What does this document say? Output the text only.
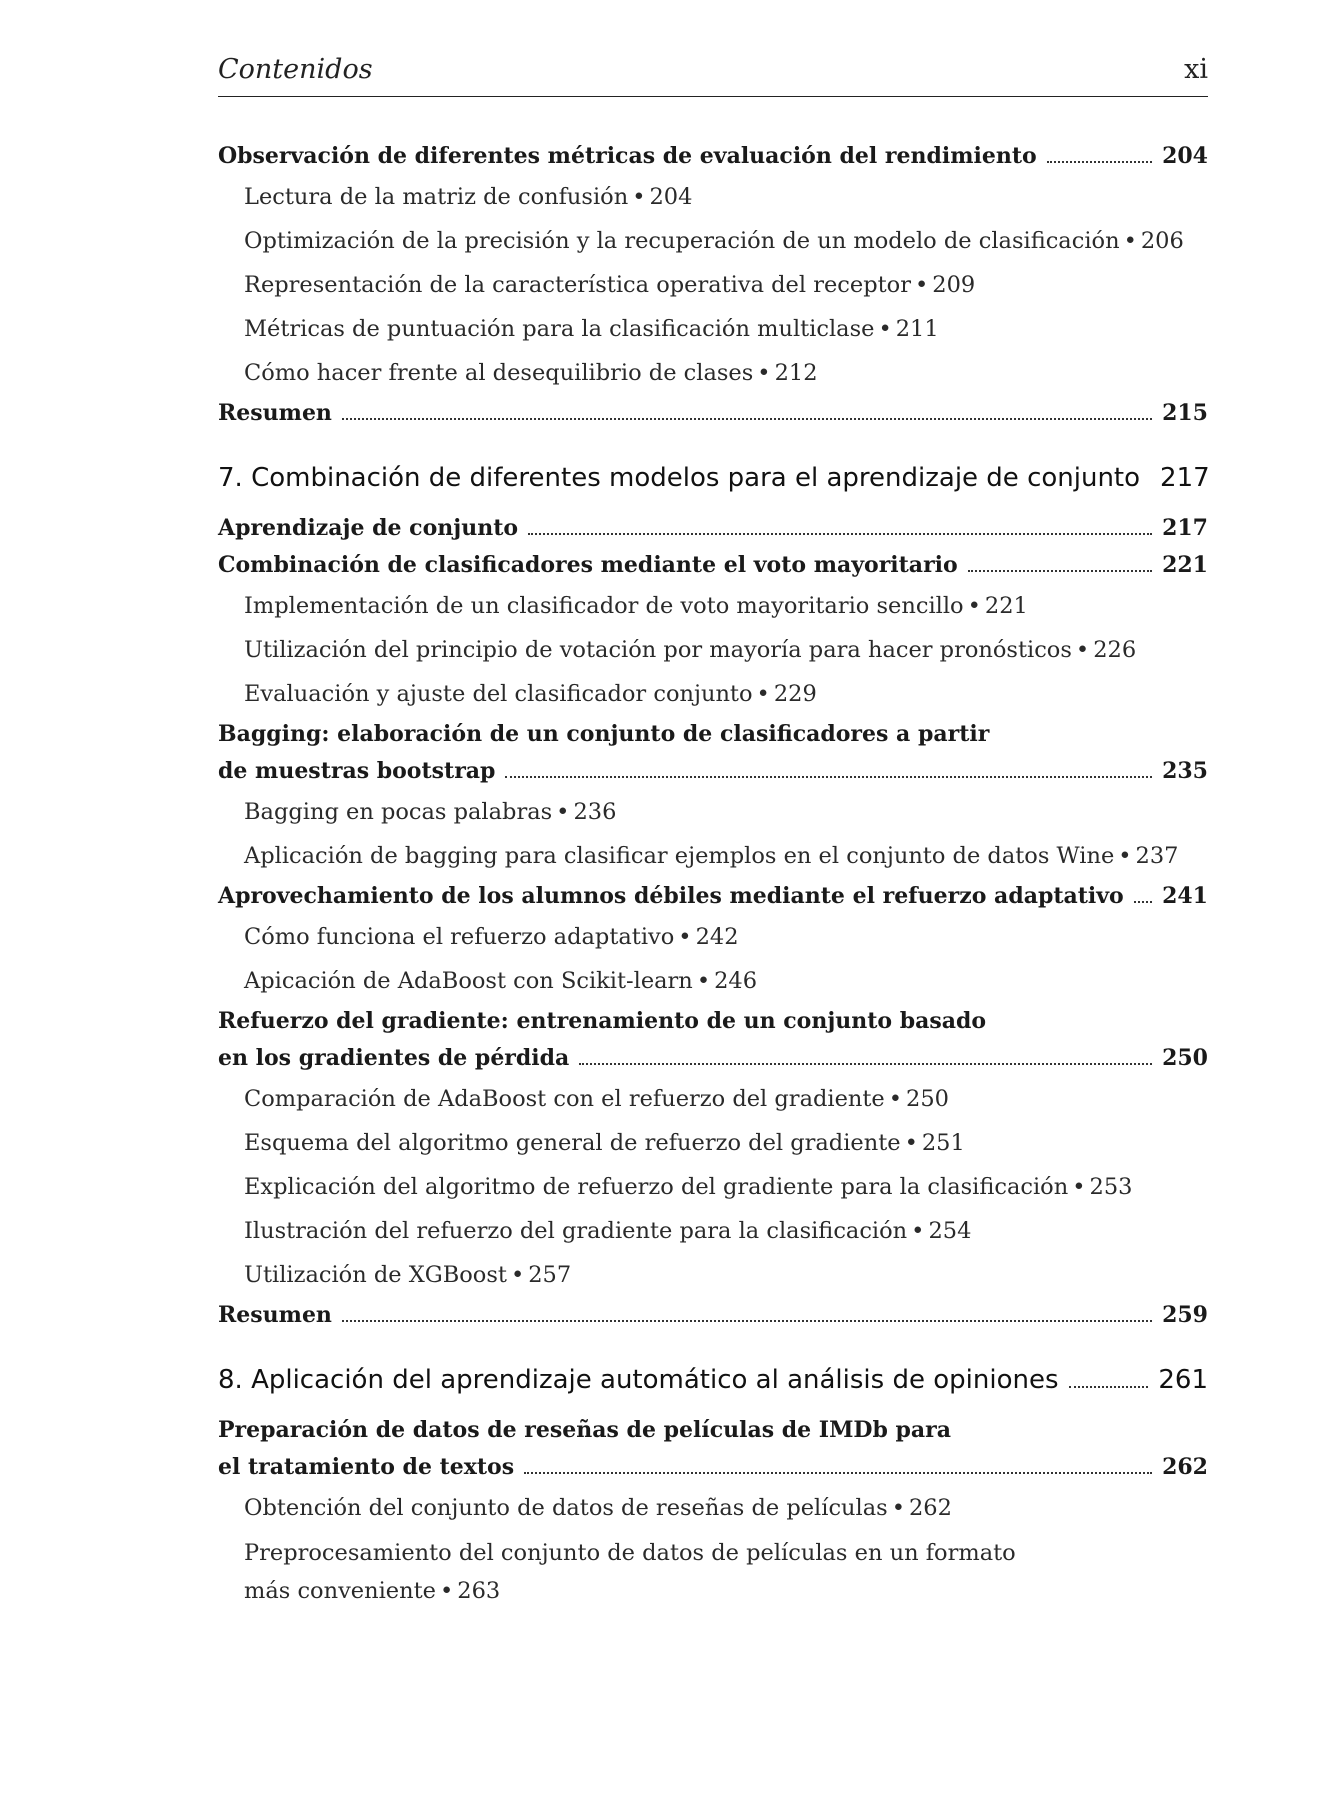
Contenidos	xi
Observación de diferentes métricas de evaluación del rendimiento	204
Lectura de la matriz de confusión • 204
Optimización de la precisión y la recuperación de un modelo de clasificación • 206
Representación de la característica operativa del receptor • 209
Métricas de puntuación para la clasificación multiclase • 211
Cómo hacer frente al desequilibrio de clases • 212
Resumen	215
7. Combinación de diferentes modelos para el aprendizaje de conjunto 217
Aprendizaje de conjunto	217
Combinación de clasificadores mediante el voto mayoritario	221
Implementación de un clasificador de voto mayoritario sencillo • 221
Utilización del principio de votación por mayoría para hacer pronósticos • 226
Evaluación y ajuste del clasificador conjunto • 229
Bagging: elaboración de un conjunto de clasificadores a partir
de muestras bootstrap	235
Bagging en pocas palabras • 236
Aplicación de bagging para clasificar ejemplos en el conjunto de datos Wine • 237
Aprovechamiento de los alumnos débiles mediante el refuerzo adaptativo	241
Cómo funciona el refuerzo adaptativo • 242
Apicación de AdaBoost con Scikit-learn • 246
Refuerzo del gradiente: entrenamiento de un conjunto basado
en los gradientes de pérdida	250
Comparación de AdaBoost con el refuerzo del gradiente • 250
Esquema del algoritmo general de refuerzo del gradiente • 251
Explicación del algoritmo de refuerzo del gradiente para la clasificación • 253
Ilustración del refuerzo del gradiente para la clasificación • 254
Utilización de XGBoost • 257
Resumen	259
8. Aplicación del aprendizaje automático al análisis de opiniones	261
Preparación de datos de reseñas de películas de IMDb para
el tratamiento de textos	262
Obtención del conjunto de datos de reseñas de películas • 262
Preprocesamiento del conjunto de datos de películas en un formato
más conveniente • 263
